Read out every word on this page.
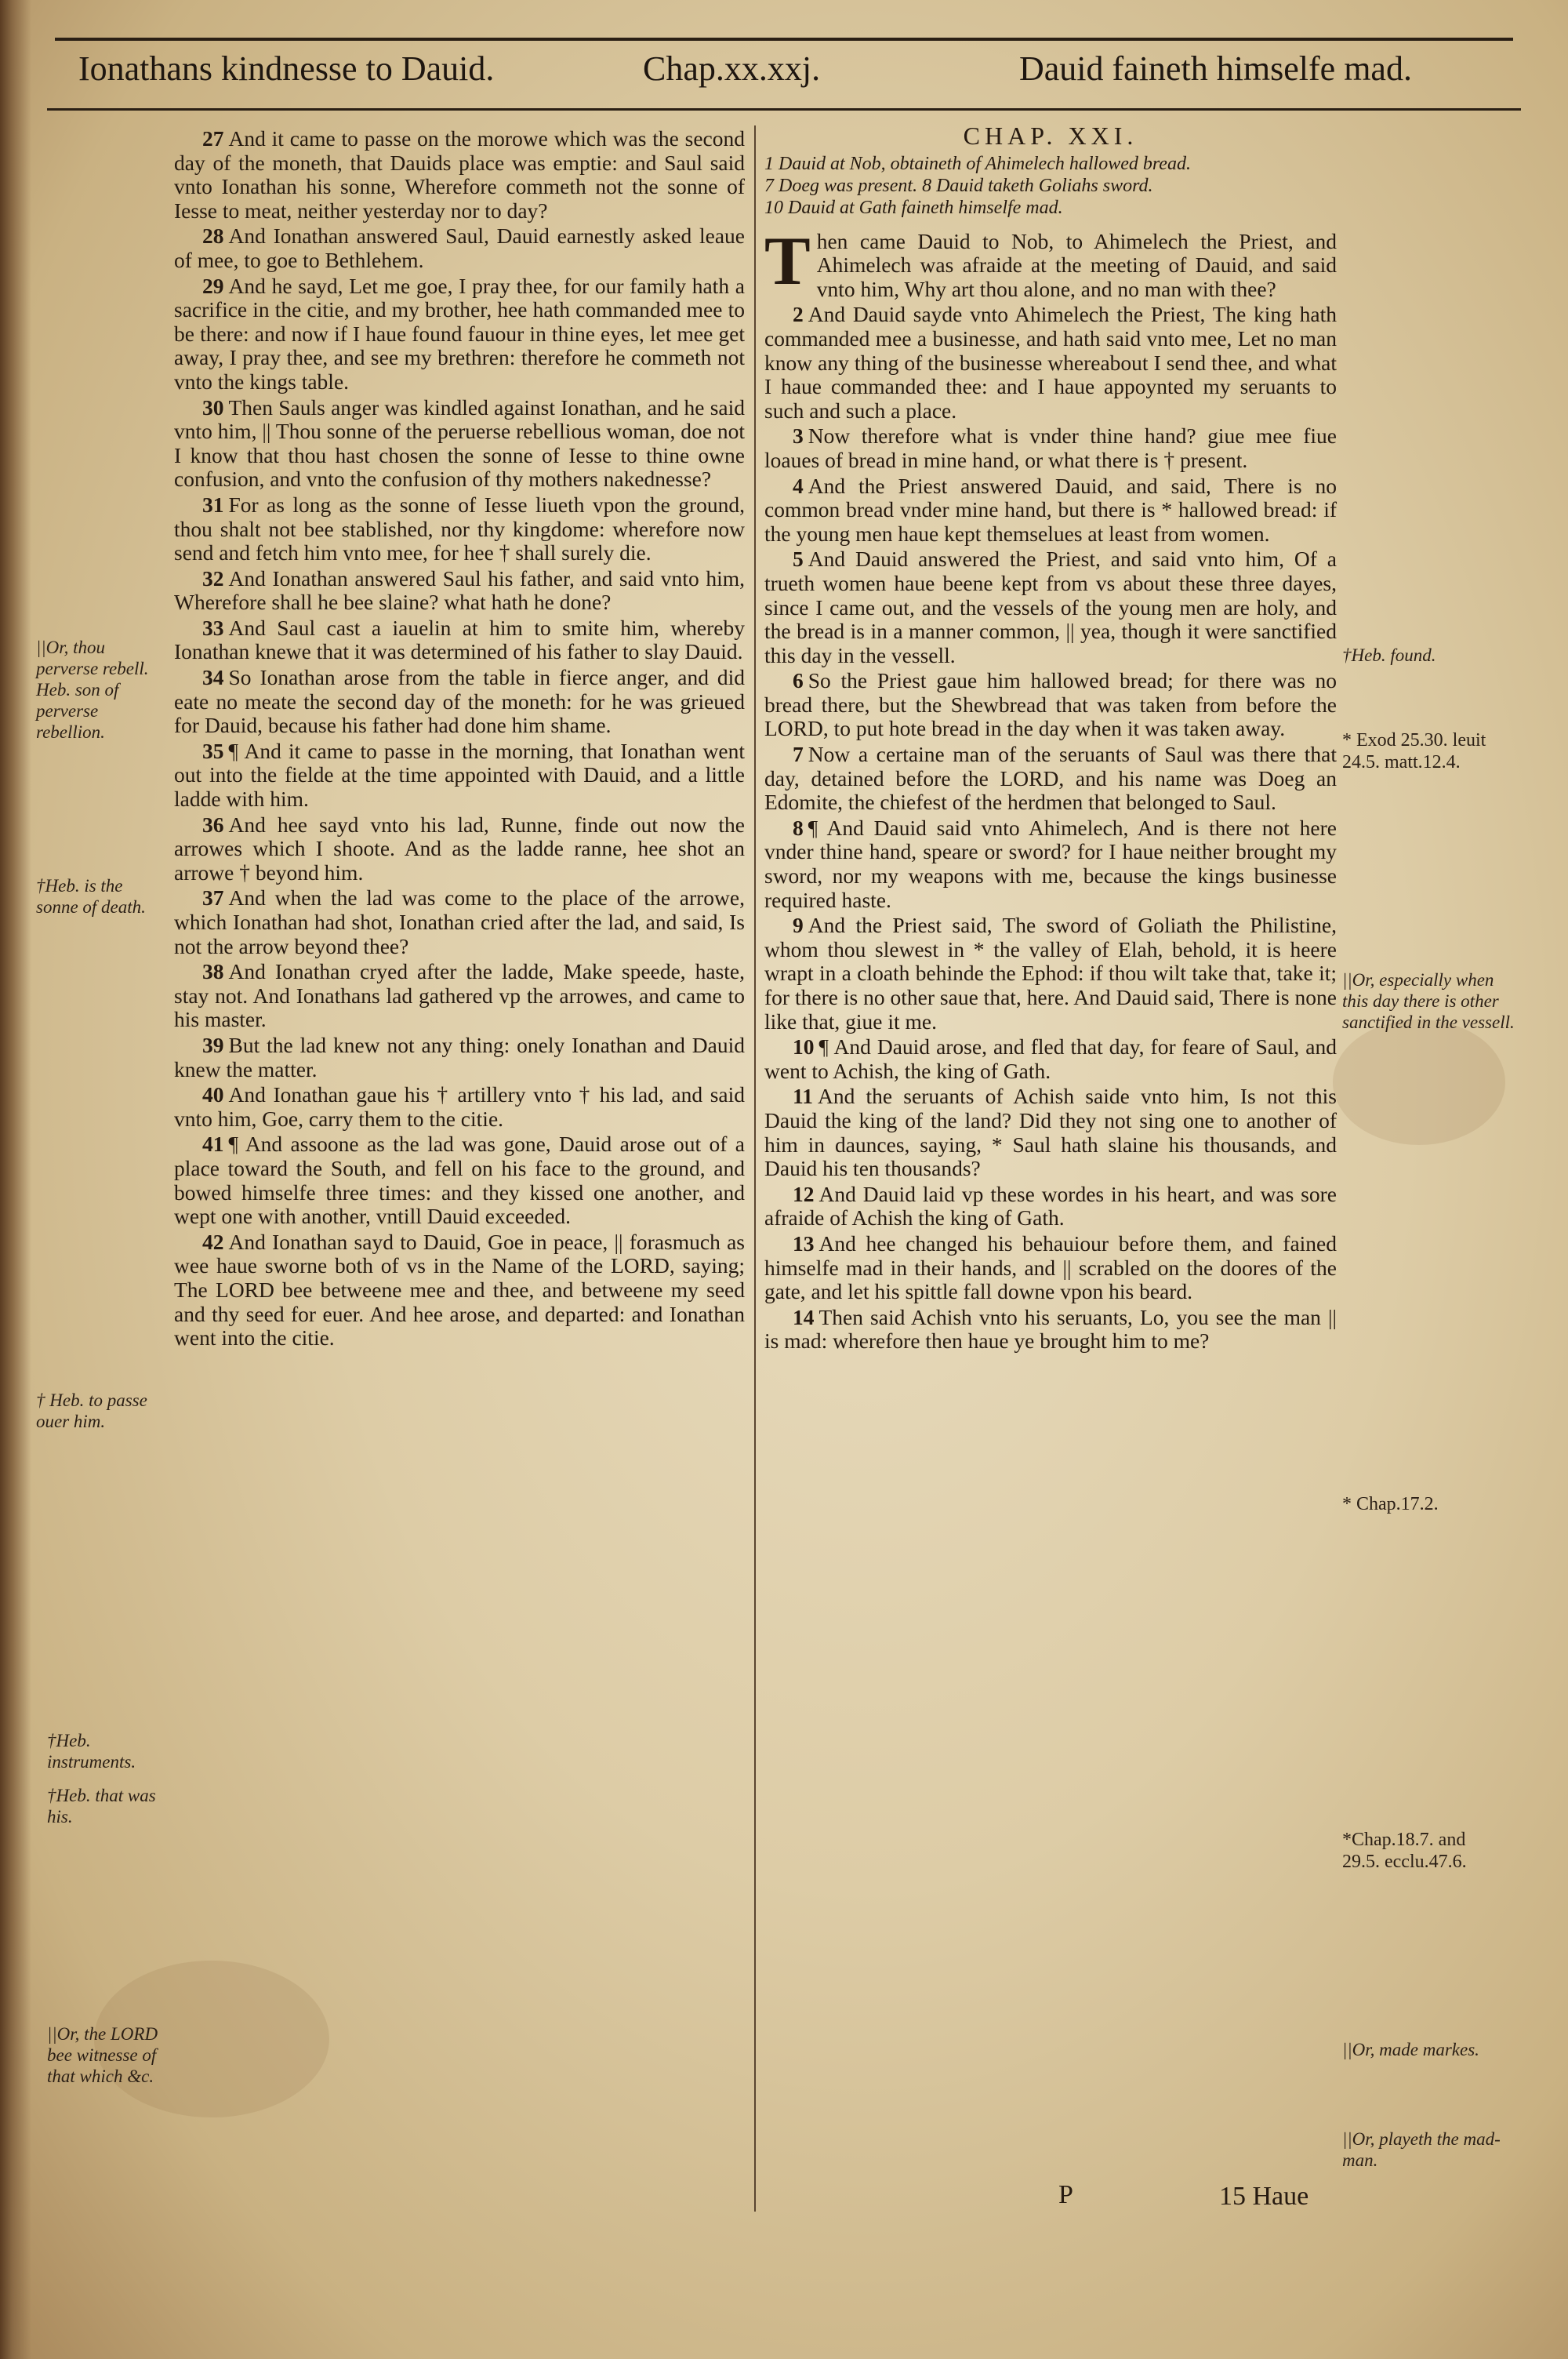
Ionathans kindnesse to Dauid.	Chap.xx.xxj.	Dauid faineth himselfe mad.

27 And it came to passe on the morowe which was the second day of the moneth, that Dauids place was emptie: and Saul said vnto Ionathan his sonne, Wherefore commeth not the sonne of Iesse to meat, neither yesterday nor to day?

28 And Ionathan answered Saul, Dauid earnestly asked leaue of mee, to goe to Bethlehem.

29 And he sayd, Let me goe, I pray thee, for our family hath a sacrifice in the citie, and my brother, hee hath commanded mee to be there: and now if I haue found fauour in thine eyes, let mee get away, I pray thee, and see my brethren: therefore he commeth not vnto the kings table.

30 Then Sauls anger was kindled against Ionathan, and he said vnto him, || Thou sonne of the peruerse rebellious woman, doe not I know that thou hast chosen the sonne of Iesse to thine owne confusion, and vnto the confusion of thy mothers nakednesse?

31 For as long as the sonne of Iesse liueth vpon the ground, thou shalt not bee stablished, nor thy kingdome: wherefore now send and fetch him vnto mee, for hee † shall surely die.

32 And Ionathan answered Saul his father, and said vnto him, Wherefore shall he bee slaine? what hath he done?

33 And Saul cast a iauelin at him to smite him, whereby Ionathan knewe that it was determined of his father to slay Dauid.

34 So Ionathan arose from the table in fierce anger, and did eate no meate the second day of the moneth: for he was grieued for Dauid, because his father had done him shame.

35 ¶ And it came to passe in the morning, that Ionathan went out into the fielde at the time appointed with Dauid, and a little ladde with him.

36 And hee sayd vnto his lad, Runne, finde out now the arrowes which I shoote. And as the ladde ranne, hee shot an arrowe † beyond him.

37 And when the lad was come to the place of the arrowe, which Ionathan had shot, Ionathan cried after the lad, and said, Is not the arrow beyond thee?

38 And Ionathan cryed after the ladde, Make speede, haste, stay not. And Ionathans lad gathered vp the arrowes, and came to his master.

39 But the lad knew not any thing: onely Ionathan and Dauid knew the matter.

40 And Ionathan gaue his † artillery vnto † his lad, and said vnto him, Goe, carry them to the citie.

41 ¶ And assoone as the lad was gone, Dauid arose out of a place toward the South, and fell on his face to the ground, and bowed himselfe three times: and they kissed one another, and wept one with another, vntill Dauid exceeded.

42 And Ionathan sayd to Dauid, Goe in peace, || forasmuch as wee haue sworne both of vs in the Name of the LORD, saying; The LORD bee betweene mee and thee, and betweene my seed and thy seed for euer. And hee arose, and departed: and Ionathan went into the citie.

CHAP. XXI.
1 Dauid at Nob, obtaineth of Ahimelech hallowed bread.
7 Doeg was present. 8 Dauid taketh Goliahs sword.
10 Dauid at Gath faineth himselfe mad.

Then came Dauid to Nob, to Ahimelech the Priest, and Ahimelech was afraide at the meeting of Dauid, and said vnto him, Why art thou alone, and no man with thee?

2 And Dauid sayde vnto Ahimelech the Priest, The king hath commanded mee a businesse, and hath said vnto mee, Let no man know any thing of the businesse whereabout I send thee, and what I haue commanded thee: and I haue appoynted my seruants to such and such a place.

3 Now therefore what is vnder thine hand? giue mee fiue loaues of bread in mine hand, or what there is † present.

4 And the Priest answered Dauid, and said, There is no common bread vnder mine hand, but there is * hallowed bread: if the young men haue kept themselues at least from women.

5 And Dauid answered the Priest, and said vnto him, Of a trueth women haue beene kept from vs about these three dayes, since I came out, and the vessels of the young men are holy, and the bread is in a manner common, || yea, though it were sanctified this day in the vessell.

6 So the Priest gaue him hallowed bread; for there was no bread there, but the Shewbread that was taken from before the LORD, to put hote bread in the day when it was taken away.

7 Now a certaine man of the seruants of Saul was there that day, detained before the LORD, and his name was Doeg an Edomite, the chiefest of the herdmen that belonged to Saul.

8 ¶ And Dauid said vnto Ahimelech, And is there not here vnder thine hand, speare or sword? for I haue neither brought my sword, nor my weapons with me, because the kings businesse required haste.

9 And the Priest said, The sword of Goliath the Philistine, whom thou slewest in * the valley of Elah, behold, it is heere wrapt in a cloath behinde the Ephod: if thou wilt take that, take it; for there is no other saue that, here. And Dauid said, There is none like that, giue it me.

10 ¶ And Dauid arose, and fled that day, for feare of Saul, and went to Achish, the king of Gath.

11 And the seruants of Achish saide vnto him, Is not this Dauid the king of the land? Did they not sing one to another of him in daunces, saying, * Saul hath slaine his thousands, and Dauid his ten thousands?

12 And Dauid laid vp these wordes in his heart, and was sore afraide of Achish the king of Gath.

13 And hee changed his behauiour before them, and fained himselfe mad in their hands, and || scrabled on the doores of the gate, and let his spittle fall downe vpon his beard.

14 Then said Achish vnto his seruants, Lo, you see the man || is mad: wherefore then haue ye brought him to me?

P	15 Haue
||Or, thou perverse rebell. Heb. son of perverse rebellion.
†Heb. is the sonne of death.
† Heb. to passe ouer him.
†Heb. instruments.
†Heb. that was his.
||Or, the LORD bee witnesse of that which &c.
†Heb. found.
* Exod 25.30. leuit 24.5. matt.12.4.
||Or, especially when this day there is other sanctified in the vessell.
* Chap.17.2.
*Chap.18.7. and 29.5. ecclu.47.6.
||Or, made markes.
||Or, playeth the mad-man.
